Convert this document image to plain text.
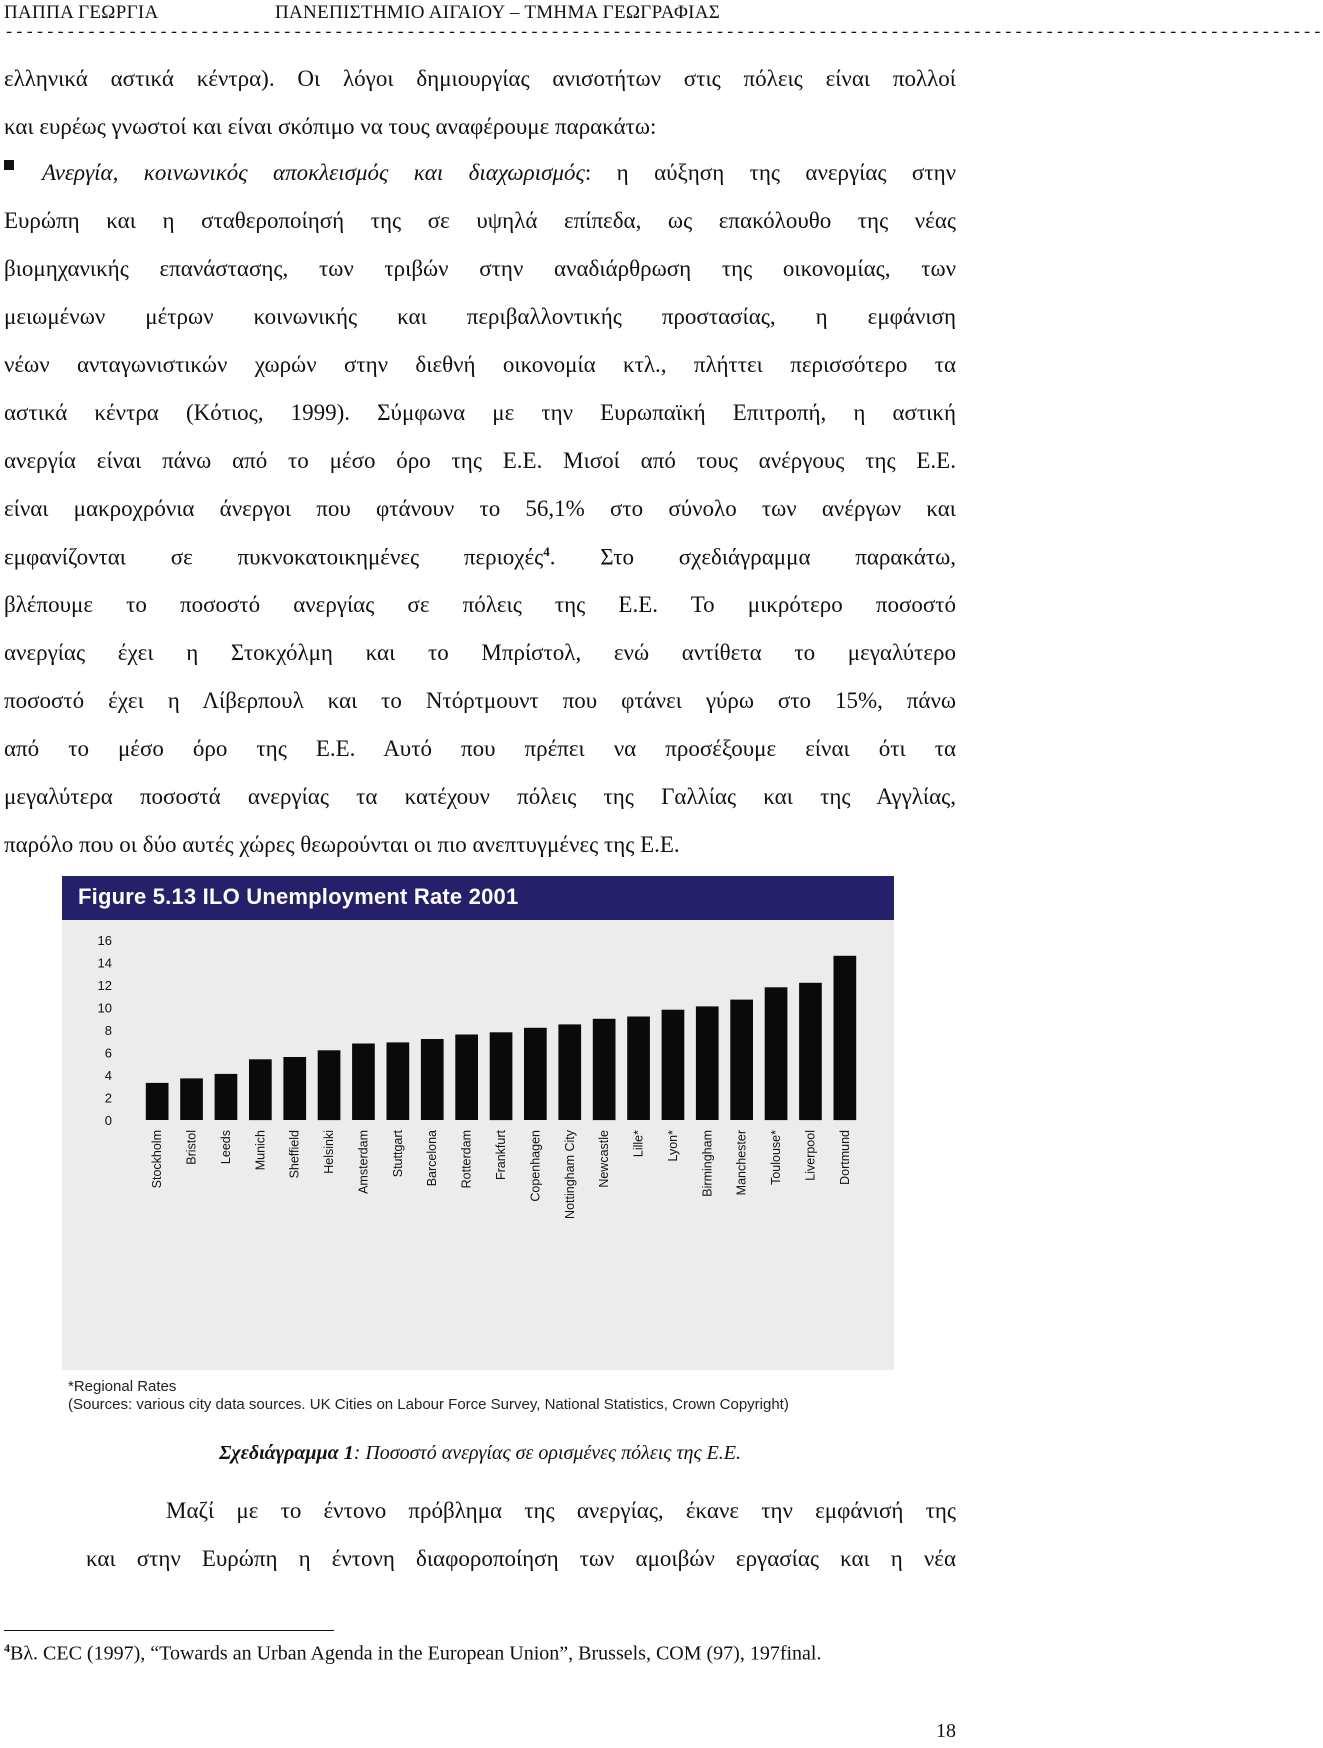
ΠΑΠΠΑ ΓΕΩΡΓΙΑ	ΠΑΝΕΠΙΣΤΗΜΙΟ ΑΙΓΑΙΟΥ – ΤΜΗΜΑ ΓΕΩΓΡΑΦΙΑΣ
--------------------------------------------------------------------------------------------------------------------------------
ελληνικά αστικά κέντρα). Οι λόγοι δημιουργίας ανισοτήτων στις πόλεις είναι πολλοί
και ευρέως γνωστοί και είναι σκόπιμο να τους αναφέρουμε παρακάτω:
Ανεργία, κοινωνικός αποκλεισμός και διαχωρισμός: η αύξηση της ανεργίας στην
Ευρώπη και η σταθεροποίησή της σε υψηλά επίπεδα, ως επακόλουθο της νέας
βιομηχανικής επανάστασης, των τριβών στην αναδιάρθρωση της οικονομίας, των
μειωμένων μέτρων κοινωνικής και περιβαλλοντικής προστασίας, η εμφάνιση
νέων ανταγωνιστικών χωρών στην διεθνή οικονομία κτλ., πλήττει περισσότερο τα
αστικά κέντρα (Κότιος, 1999). Σύμφωνα με την Ευρωπαϊκή Επιτροπή, η αστική
ανεργία είναι πάνω από το μέσο όρο της Ε.Ε. Μισοί από τους ανέργους της Ε.Ε.
είναι μακροχρόνια άνεργοι που φτάνουν το 56,1% στο σύνολο των ανέργων και
εμφανίζονται σε πυκνοκατοικημένες περιοχές$^4$. Στο σχεδιάγραμμα παρακάτω,
βλέπουμε το ποσοστό ανεργίας σε πόλεις της Ε.Ε. Το μικρότερο ποσοστό
ανεργίας έχει η Στοκχόλμη και το Μπρίστολ, ενώ αντίθετα το μεγαλύτερο
ποσοστό έχει η Λίβερπουλ και το Ντόρτμουντ που φτάνει γύρω στο 15%, πάνω
από το μέσο όρο της Ε.Ε. Αυτό που πρέπει να προσέξουμε είναι ότι τα
μεγαλύτερα ποσοστά ανεργίας τα κατέχουν πόλεις της Γαλλίας και της Αγγλίας,
παρόλο που οι δύο αυτές χώρες θεωρούνται οι πιο ανεπτυγμένες της Ε.Ε.
Figure 5.13 ILO Unemployment Rate 2001
0
2
4
6
8
10
12
14
16
Stockholm Bristol Leeds Munich Sheffield Helsinki Amsterdam Stuttgart Barcelona Rotterdam Frankfurt Copenhagen Nottingham City Newcastle Lille* Lyon* Birmingham Manchester Toulouse* Liverpool Dortmund
*Regional Rates
(Sources: various city data sources. UK Cities on Labour Force Survey, National Statistics, Crown Copyright)
Σχεδιάγραμμα 1: Ποσοστό ανεργίας σε ορισμένες πόλεις της Ε.Ε.
Μαζί με το έντονο πρόβλημα της ανεργίας, έκανε την εμφάνισή της
και στην Ευρώπη η έντονη διαφοροποίηση των αμοιβών εργασίας και η νέα
$^4$Βλ. CEC (1997), “Towards an Urban Agenda in the European Union”, Brussels, COM (97), 197final.
18
